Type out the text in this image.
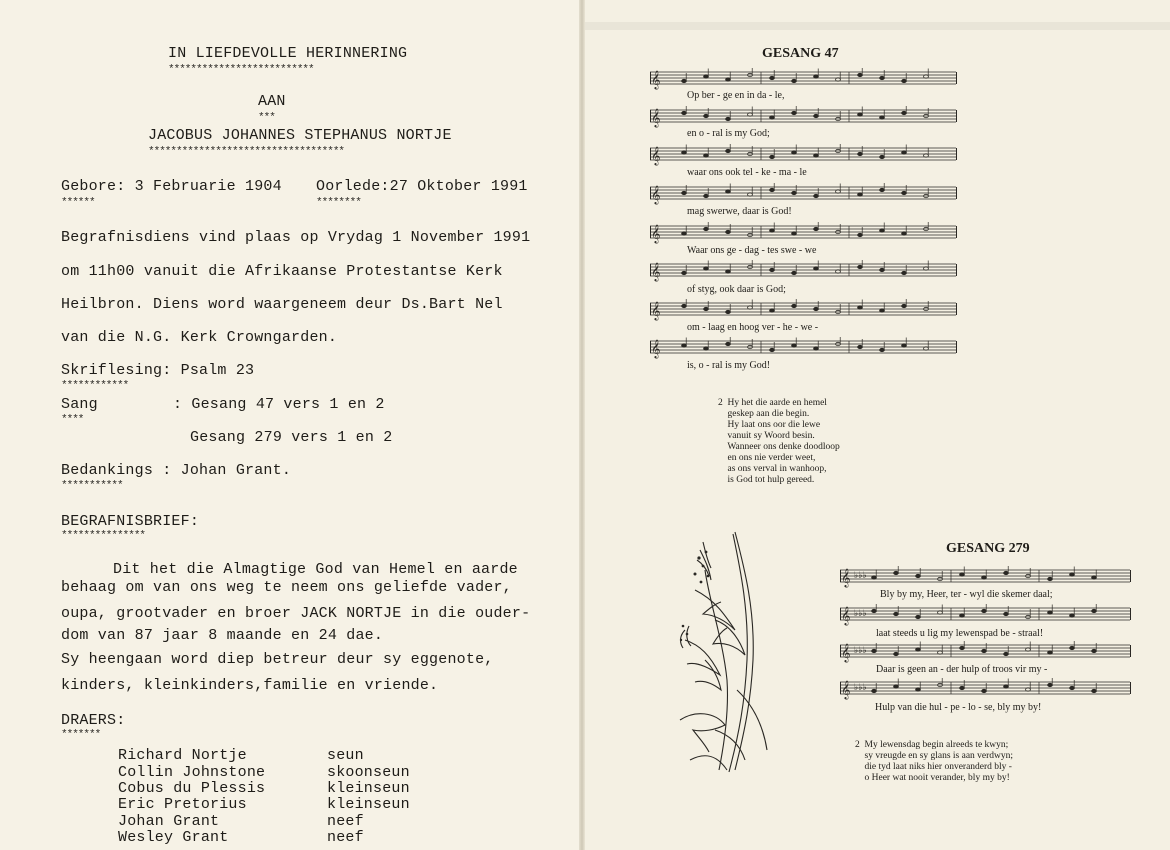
IN LIEFDEVOLLE HERINNERING
**************************
AAN
***
JACOBUS JOHANNES STEPHANUS NORTJE
***********************************
Gebore: 3 Februarie 1904
******
Oorlede:27 Oktober 1991
********
Begrafnisdiens vind plaas op Vrydag 1 November 1991
om 11h00 vanuit die Afrikaanse Protestantse Kerk
Heilbron. Diens word waargeneem deur Ds.Bart Nel
van die N.G. Kerk Crowngarden.
Skriflesing: Psalm 23
************
Sang
****
: Gesang 47 vers 1 en 2
Gesang 279 vers 1 en 2
Bedankings : Johan Grant.
***********
BEGRAFNISBRIEF:
***************
Dit het die Almagtige God van Hemel en aarde
behaag om van ons weg te neem ons geliefde vader,
oupa, grootvader en broer JACK NORTJE in die ouder-
dom van 87 jaar 8 maande en 24 dae.
Sy heengaan word diep betreur deur sy eggenote,
kinders, kleinkinders,familie en vriende.
DRAERS:
*******
Richard Nortje	seun
Collin Johnstone	skoonseun
Cobus du Plessis	kleinseun
Eric Pretorius	kleinseun
Johan Grant	neef
Wesley Grant	neef
GESANG 47
𝄞
𝄞
𝄞
𝄞
𝄞
𝄞
𝄞
𝄞
Op ber - ge en in da - le,
en o - ral is my God;
waar ons ook tel - ke - ma - le
mag swerwe, daar is God!
Waar ons ge - dag - tes swe - we
of styg, ook daar is God;
om - laag en hoog ver - he - we -
is, o - ral is my God!
2  Hy het die aarde en hemel
geskep aan die begin.
Hy laat ons oor die lewe
vanuit sy Woord besin.
Wanneer ons denke doodloop
en ons nie verder weet,
as ons verval in wanhoop,
is God tot hulp gereed.
GESANG 279
𝄞 ♭♭♭
𝄞 ♭♭♭
𝄞 ♭♭♭
𝄞 ♭♭♭
Bly by my, Heer, ter - wyl die skemer daal;
laat steeds u lig my lewenspad be - straal!
Daar is geen an - der hulp of troos vir my -
Hulp van die hul - pe - lo - se, bly my by!
2  My lewensdag begin alreeds te kwyn;
sy vreugde en sy glans is aan verdwyn;
die tyd laat niks hier onveranderd bly -
o Heer wat nooit verander, bly my by!
